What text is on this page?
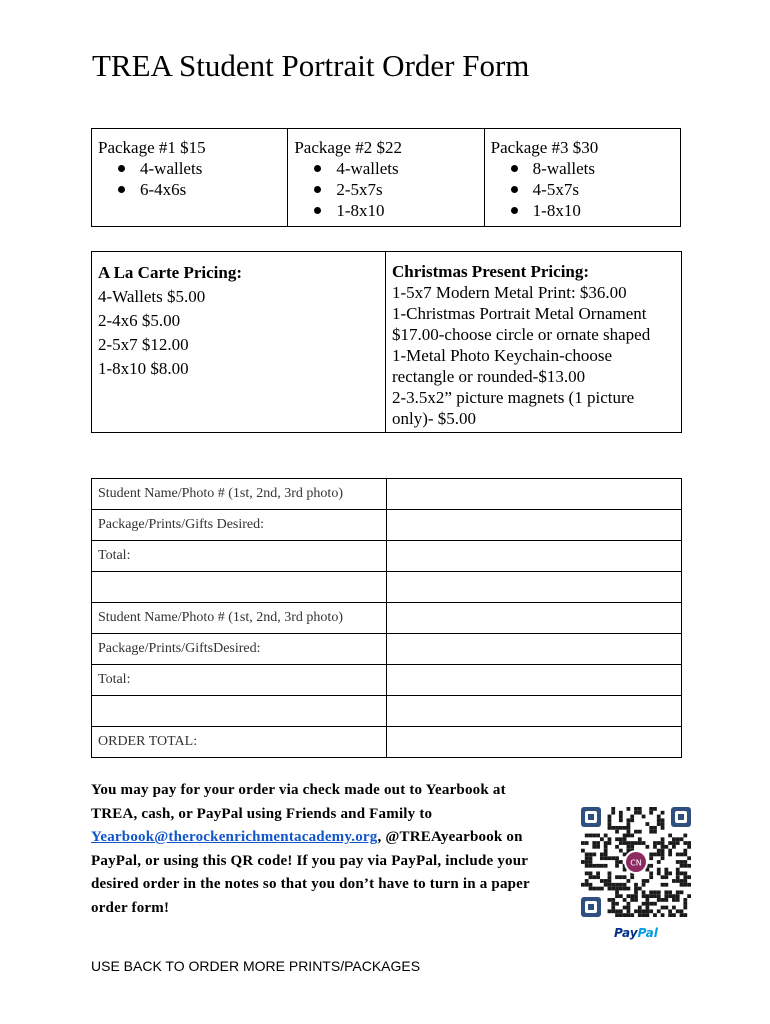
TREA Student Portrait Order Form
Package #1 $15
4-wallets
6-4x6s
	Package #2 $22
4-wallets
2-5x7s
1-8x10
	Package #3 $30
8-wallets
4-5x7s
1-8x10
A La Carte Pricing:
4-Wallets $5.00
2-4x6 $5.00
2-5x7 $12.00
1-8x10 $8.00

Christmas Present Pricing:
1-5x7 Modern Metal Print: $36.00
1-Christmas Portrait Metal Ornament
$17.00-choose circle or ornate shaped
1-Metal Photo Keychain-choose
rectangle or rounded-$13.00
2-3.5x2” picture magnets (1 picture
only)- $5.00
Student Name/Photo # (1st, 2nd, 3rd photo)	
Package/Prints/Gifts Desired:	
Total:	

Student Name/Photo # (1st, 2nd, 3rd photo)	
Package/Prints/GiftsDesired:	
Total:	

ORDER TOTAL:	
You may pay for your order via check made out to Yearbook at TREA, cash, or PayPal using Friends and Family to Yearbook@therockenrichmentacademy.org, @TREAyearbook on PayPal, or using this QR code! If you pay via PayPal, include your desired order in the notes so that you don’t have to turn in a paper order form!
CN
PayPal
USE BACK TO ORDER MORE PRINTS/PACKAGES
